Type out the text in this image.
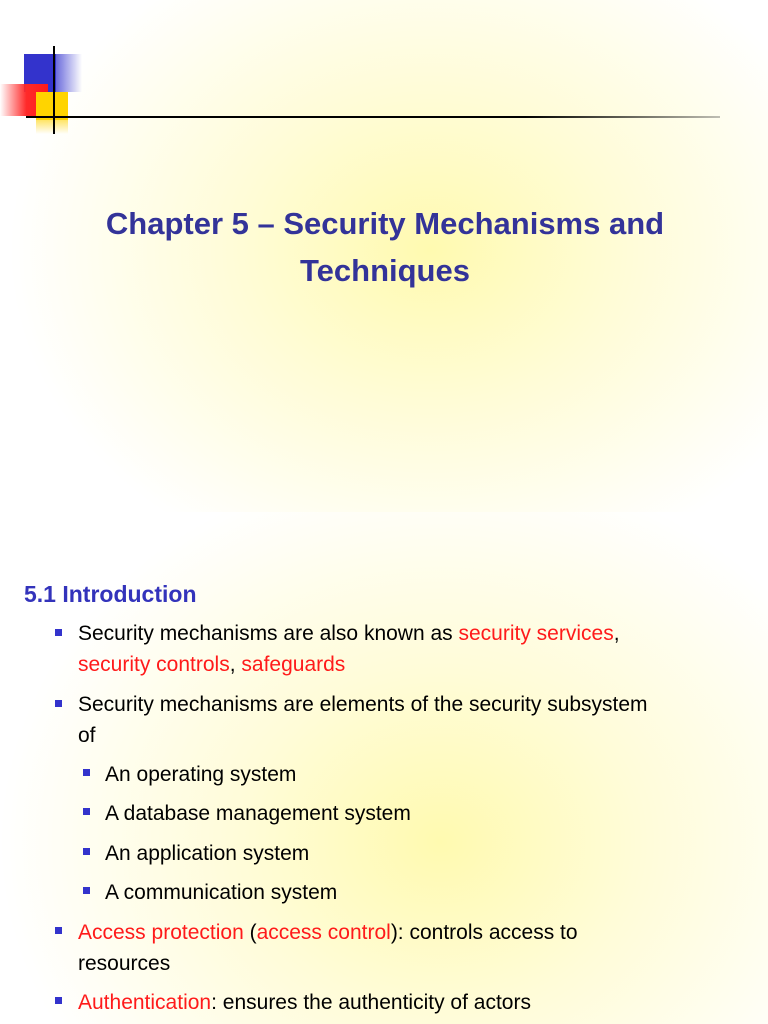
Chapter 5 – Security Mechanisms and
Techniques
5.1 Introduction
Security mechanisms are also known as security services,
security controls, safeguards
Security mechanisms are elements of the security subsystem
of
An operating system
A database management system
An application system
A communication system
Access protection (access control): controls access to
resources
Authentication: ensures the authenticity of actors
